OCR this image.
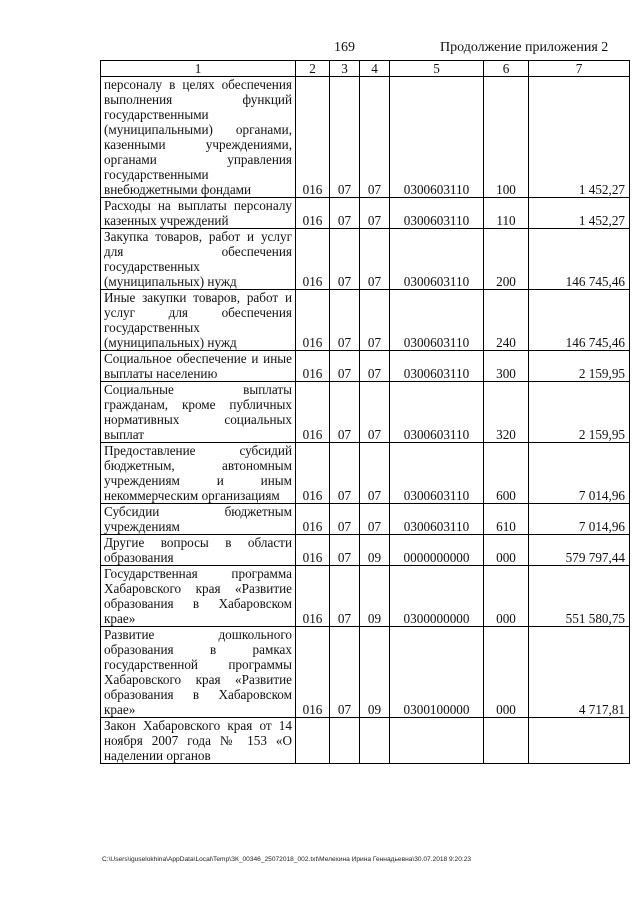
169	Продолжение приложения 2
1	2	3	4	5	6	7
персоналу в целях обеспечения выполнения функций государственными (муниципальными) органами, казенными учреждениями, органами управления государственными внебюджетными фондами	016	07	07	0300603110	100	1 452,27
Расходы на выплаты персоналу казенных учреждений	016	07	07	0300603110	110	1 452,27
Закупка товаров, работ и услуг для обеспечения государственных (муниципальных) нужд	016	07	07	0300603110	200	146 745,46
Иные закупки товаров, работ и услуг для обеспечения государственных (муниципальных) нужд	016	07	07	0300603110	240	146 745,46
Социальное обеспечение и иные выплаты населению	016	07	07	0300603110	300	2 159,95
Социальные выплаты гражданам, кроме публичных нормативных социальных выплат	016	07	07	0300603110	320	2 159,95
Предоставление субсидий бюджетным, автономным учреждениям и иным некоммерческим организациям	016	07	07	0300603110	600	7 014,96
Субсидии бюджетным учреждениям	016	07	07	0300603110	610	7 014,96
Другие вопросы в области образования	016	07	09	0000000000	000	579 797,44
Государственная программа Хабаровского края «Развитие образования в Хабаровском крае»	016	07	09	0300000000	000	551 580,75
Развитие дошкольного образования в рамках государственной программы Хабаровского края «Развитие образования в Хабаровском крае»	016	07	09	0300100000	000	4 717,81
Закон Хабаровского края от 14 ноября 2007 года № 153 «О наделении органов						
C:\Users\iguselokhina\AppData\Local\Temp\ЗК_00346_25072018_002.txt\Мелехина Ирина Геннадьевна\30.07.2018 9:20:23
